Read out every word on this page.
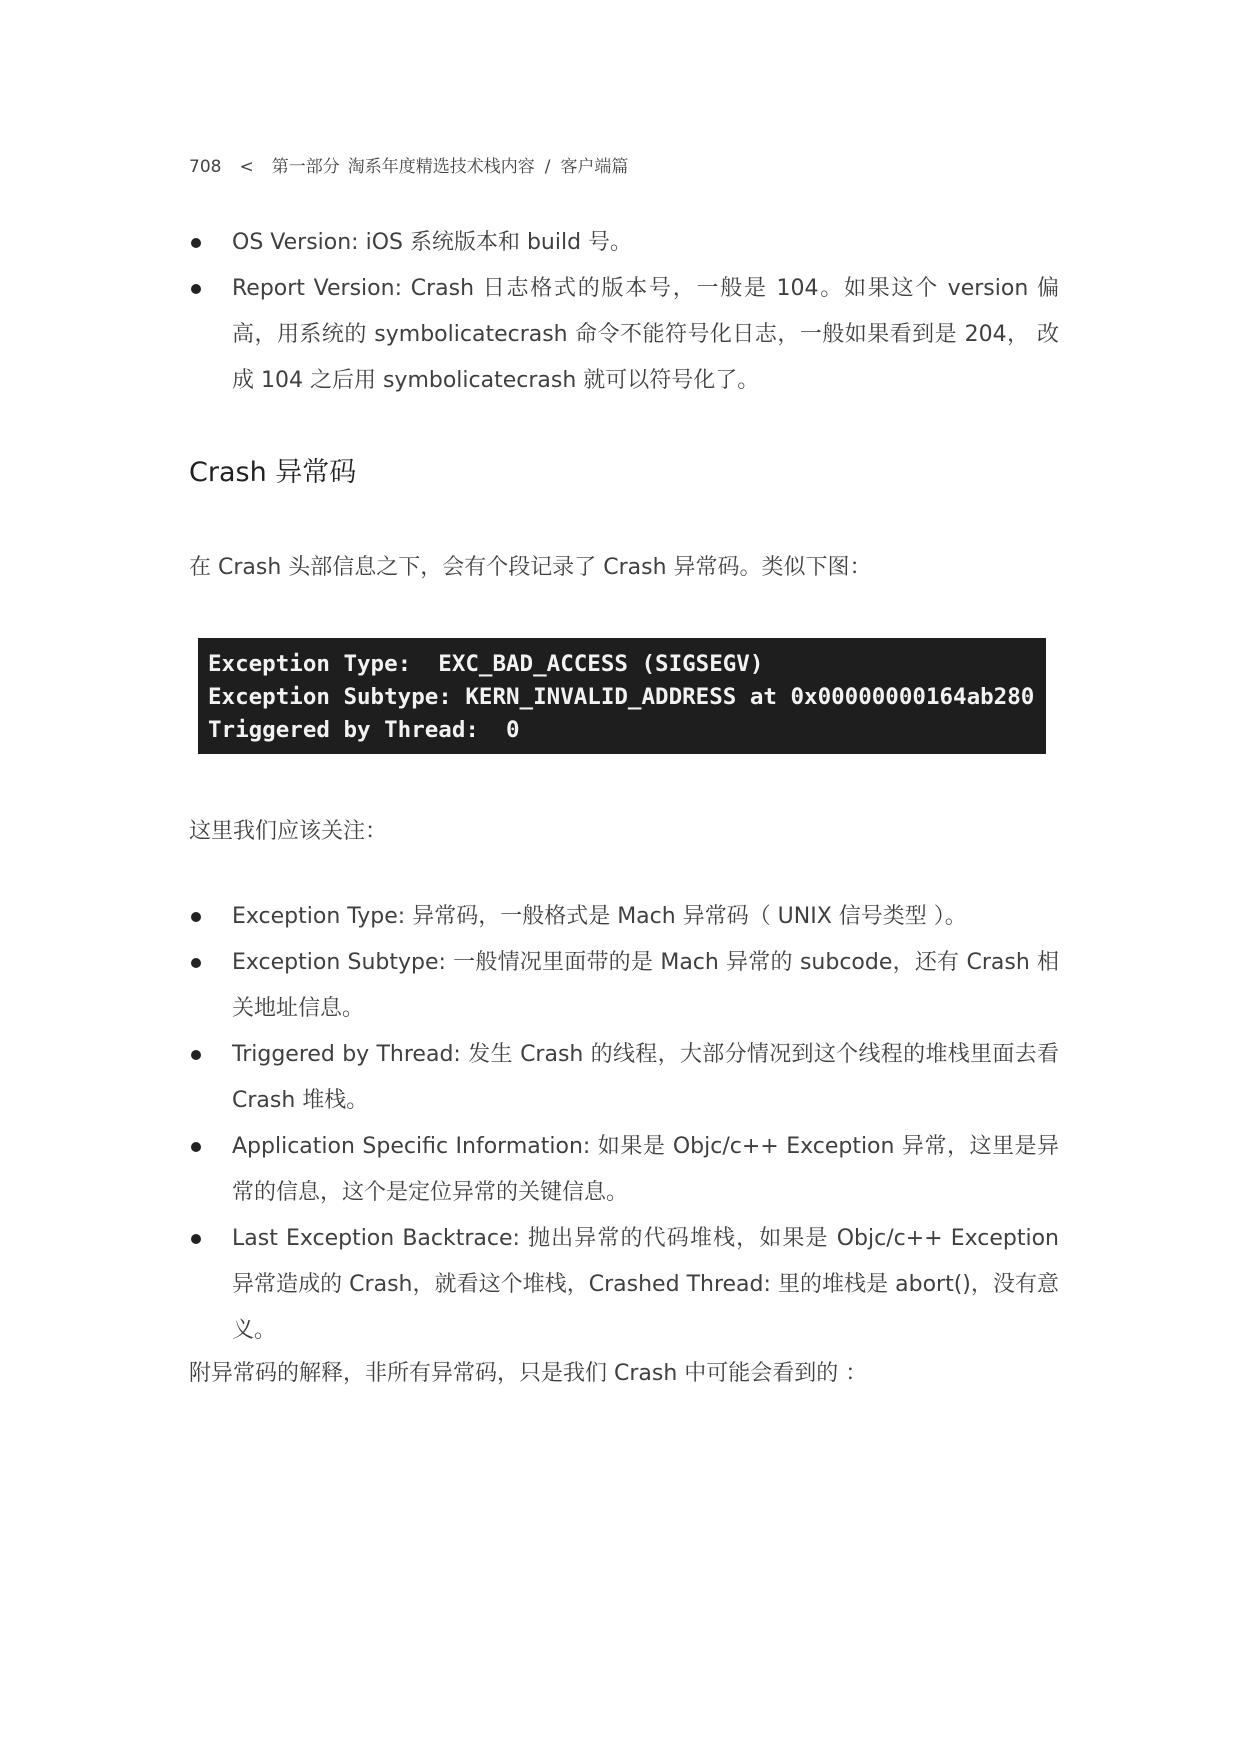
708 < 第一部分 淘系年度精选技术栈内容 / 客户端篇
OS Version: iOS 系统版本和 build 号。
Report Version: Crash 日志格式的版本号，一般是 104。如果这个 version 偏高，用系统的 symbolicatecrash 命令不能符号化日志，一般如果看到是 204， 改成 104 之后用 symbolicatecrash 就可以符号化了。
Crash 异常码
在 Crash 头部信息之下，会有个段记录了 Crash 异常码。类似下图：
Exception Type:  EXC_BAD_ACCESS (SIGSEGV)
Exception Subtype: KERN_INVALID_ADDRESS at 0x00000000164ab280
Triggered by Thread:  0
这里我们应该关注：
Exception Type: 异常码，一般格式是 Mach 异常码（ UNIX 信号类型 ）。
Exception Subtype: 一般情况里面带的是 Mach 异常的 subcode，还有 Crash 相关地址信息。
Triggered by Thread: 发生 Crash 的线程，大部分情况到这个线程的堆栈里面去看 Crash 堆栈。
Application Specific Information: 如果是 Objc/c++ Exception 异常，这里是异常的信息，这个是定位异常的关键信息。
Last Exception Backtrace: 抛出异常的代码堆栈，如果是 Objc/c++ Exception 异常造成的 Crash，就看这个堆栈，Crashed Thread: 里的堆栈是 abort()，没有意义。
附异常码的解释，非所有异常码，只是我们 Crash 中可能会看到的 ：
